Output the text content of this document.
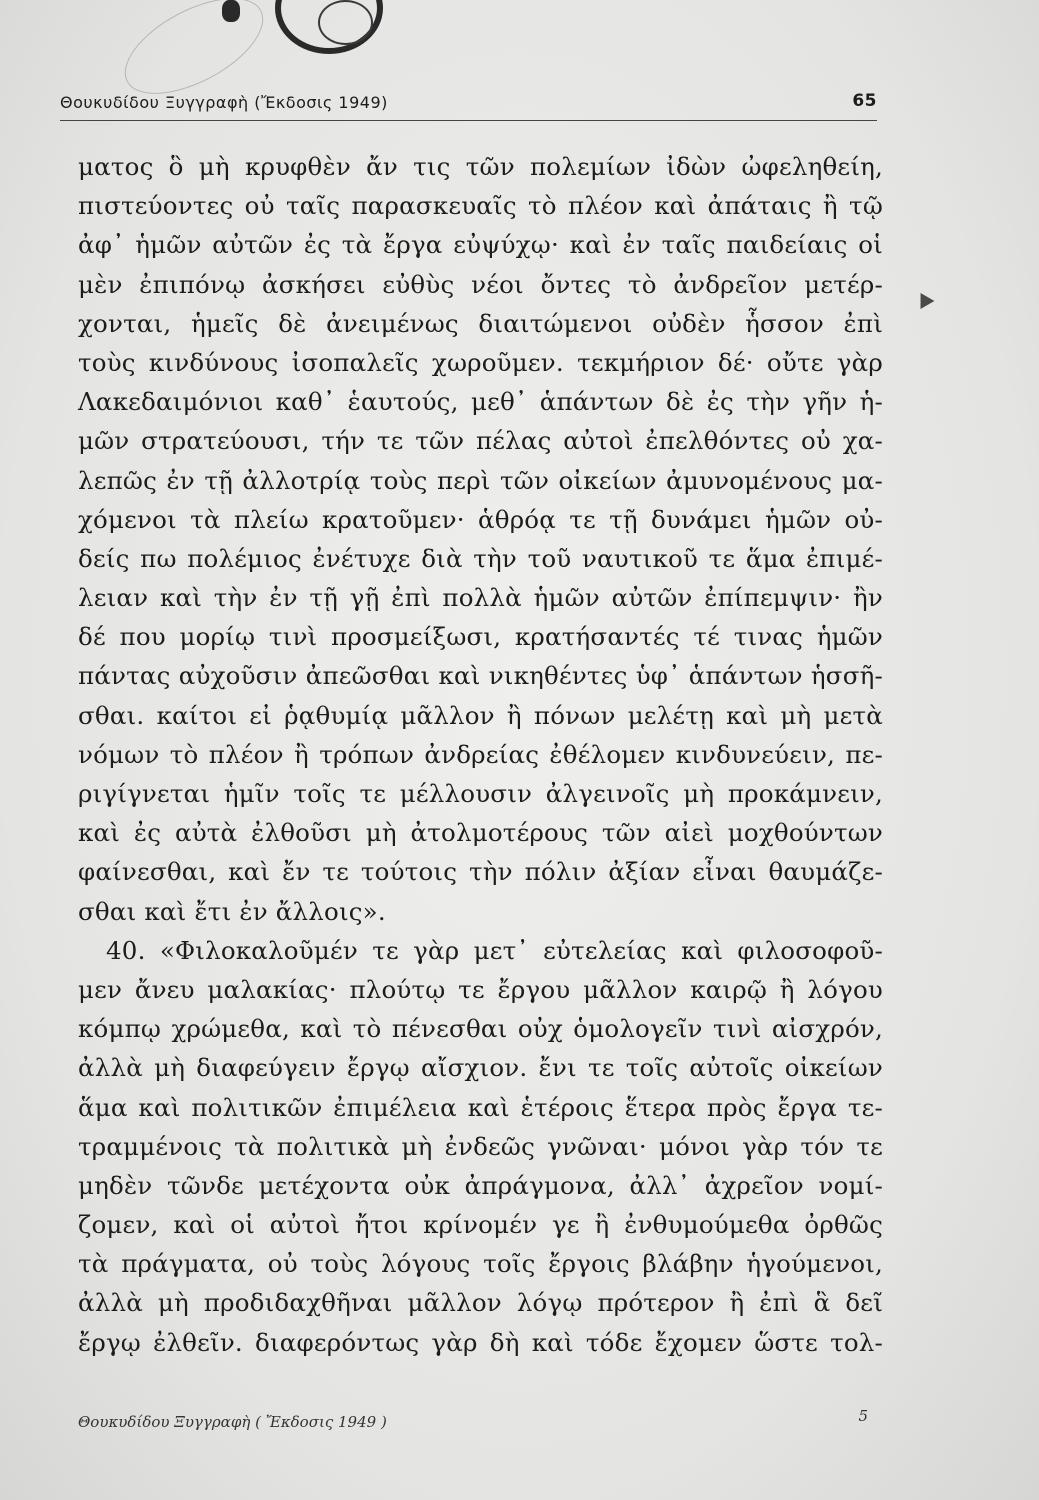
Θουκυδίδου Ξυγγραφὴ (Ἔκδοσις 1949)	65
ματος ὃ μὴ κρυφθὲν ἄν τις τῶν πολεμίων ἰδὼν ὠφεληθείη,
πιστεύοντες οὐ ταῖς παρασκευαῖς τὸ πλέον καὶ ἀπάταις ἢ τῷ
ἀφ᾽ ἡμῶν αὐτῶν ἐς τὰ ἔργα εὐψύχῳ· καὶ ἐν ταῖς παιδείαις οἱ
μὲν ἐπιπόνῳ ἀσκήσει εὐθὺς νέοι ὄντες τὸ ἀνδρεῖον μετέρ-
χονται, ἡμεῖς δὲ ἀνειμένως διαιτώμενοι οὐδὲν ἧσσον ἐπὶ
τοὺς κινδύνους ἰσοπαλεῖς χωροῦμεν. τεκμήριον δέ· οὔτε γὰρ
Λακεδαιμόνιοι καθ᾽ ἑαυτούς, μεθ᾽ ἁπάντων δὲ ἐς τὴν γῆν ἡ-
μῶν στρατεύουσι, τήν τε τῶν πέλας αὐτοὶ ἐπελθόντες οὐ χα-
λεπῶς ἐν τῇ ἀλλοτρίᾳ τοὺς περὶ τῶν οἰκείων ἀμυνομένους μα-
χόμενοι τὰ πλείω κρατοῦμεν· ἁθρόᾳ τε τῇ δυνάμει ἡμῶν οὐ-
δείς πω πολέμιος ἐνέτυχε διὰ τὴν τοῦ ναυτικοῦ τε ἅμα ἐπιμέ-
λειαν καὶ τὴν ἐν τῇ γῇ ἐπὶ πολλὰ ἡμῶν αὐτῶν ἐπίπεμψιν· ἢν
δέ που μορίῳ τινὶ προσμείξωσι, κρατήσαντές τέ τινας ἡμῶν
πάντας αὐχοῦσιν ἀπεῶσθαι καὶ νικηθέντες ὑφ᾽ ἁπάντων ἡσσῆ-
σθαι. καίτοι εἰ ῥᾳθυμίᾳ μᾶλλον ἢ πόνων μελέτῃ καὶ μὴ μετὰ
νόμων τὸ πλέον ἢ τρόπων ἀνδρείας ἐθέλομεν κινδυνεύειν, πε-
ριγίγνεται ἡμῖν τοῖς τε μέλλουσιν ἀλγεινοῖς μὴ προκάμνειν,
καὶ ἐς αὐτὰ ἐλθοῦσι μὴ ἀτολμοτέρους τῶν αἰεὶ μοχθούντων
φαίνεσθαι, καὶ ἔν τε τούτοις τὴν πόλιν ἀξίαν εἶναι θαυμάζε-
σθαι καὶ ἔτι ἐν ἄλλοις».
40. «Φιλοκαλοῦμέν τε γὰρ μετ᾽ εὐτελείας καὶ φιλοσοφοῦ-
μεν ἄνευ μαλακίας· πλούτῳ τε ἔργου μᾶλλον καιρῷ ἢ λόγου
κόμπῳ χρώμεθα, καὶ τὸ πένεσθαι οὐχ ὁμολογεῖν τινὶ αἰσχρόν,
ἀλλὰ μὴ διαφεύγειν ἔργῳ αἴσχιον. ἔνι τε τοῖς αὐτοῖς οἰκείων
ἅμα καὶ πολιτικῶν ἐπιμέλεια καὶ ἑτέροις ἕτερα πρὸς ἔργα τε-
τραμμένοις τὰ πολιτικὰ μὴ ἐνδεῶς γνῶναι· μόνοι γὰρ τόν τε
μηδὲν τῶνδε μετέχοντα οὐκ ἀπράγμονα, ἀλλ᾽ ἀχρεῖον νομί-
ζομεν, καὶ οἱ αὐτοὶ ἤτοι κρίνομέν γε ἢ ἐνθυμούμεθα ὀρθῶς
τὰ πράγματα, οὐ τοὺς λόγους τοῖς ἔργοις βλάβην ἡγούμενοι,
ἀλλὰ μὴ προδιδαχθῆναι μᾶλλον λόγῳ πρότερον ἢ ἐπὶ ἃ δεῖ
ἔργῳ ἐλθεῖν. διαφερόντως γὰρ δὴ καὶ τόδε ἔχομεν ὥστε τολ-
Θουκυδίδου Ξυγγραφὴ ( Ἔκδοσις 1949 )	5
